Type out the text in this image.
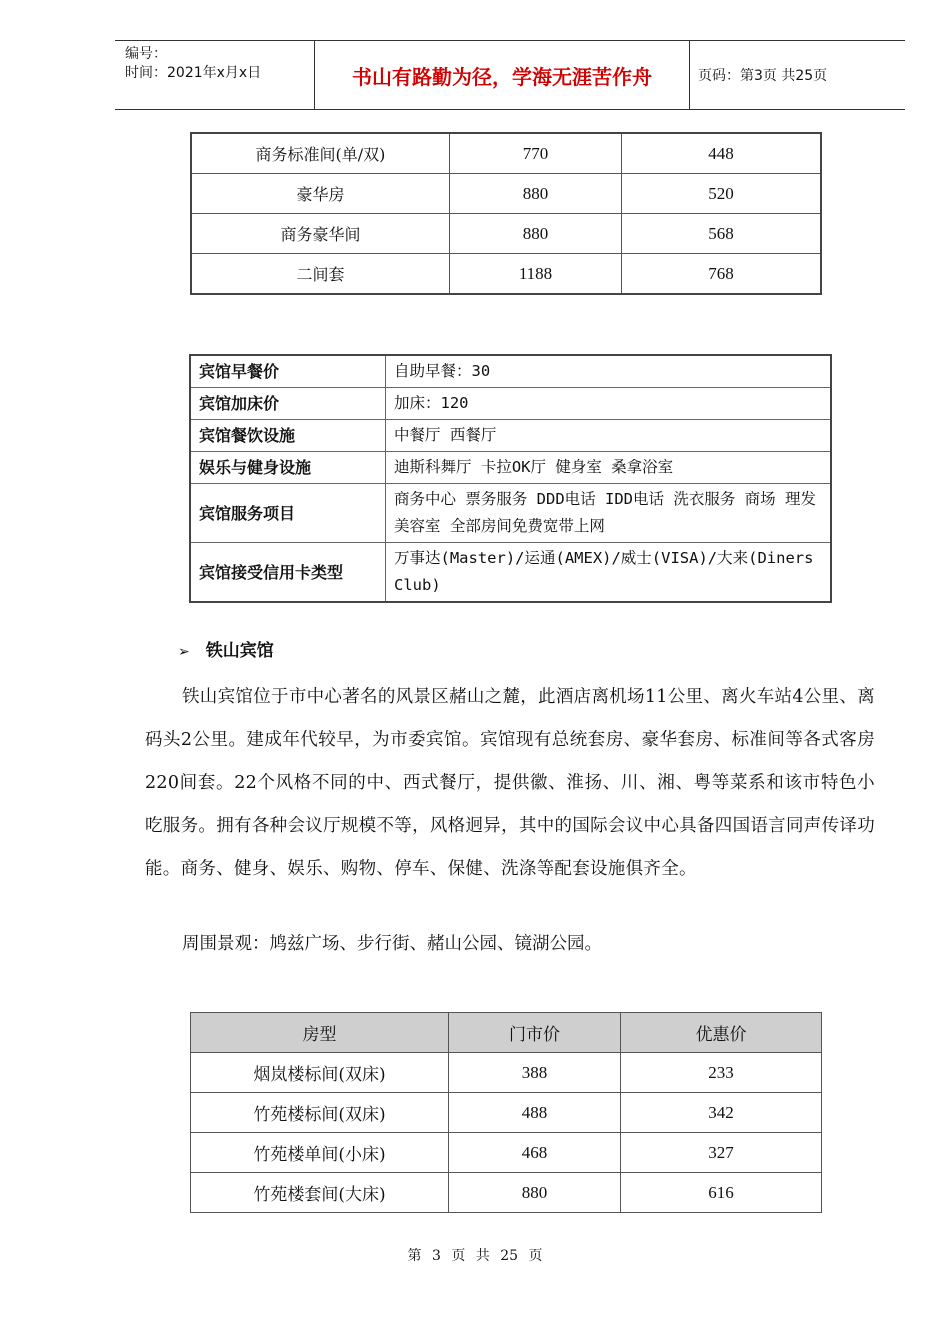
编号：
时间：2021年x月x日	书山有路勤为径，学海无涯苦作舟	页码：第3页 共25页
商务标准间(单/双)	770	448
豪华房	880	520
商务豪华间	880	568
二间套	1188	768
宾馆早餐价	自助早餐：30
宾馆加床价	加床：120
宾馆餐饮设施	中餐厅 西餐厅
娱乐与健身设施	迪斯科舞厅 卡拉OK厅 健身室 桑拿浴室
宾馆服务项目	商务中心 票务服务 DDD电话 IDD电话 洗衣服务 商场 理发美容室 全部房间免费宽带上网
宾馆接受信用卡类型	万事达(Master)/运通(AMEX)/威士(VISA)/大来(Diners Club)
➢ 铁山宾馆

铁山宾馆位于市中心著名的风景区赭山之麓，此酒店离机场11公里、离火车站4公里、离码头2公里。建成年代较早，为市委宾馆。宾馆现有总统套房、豪华套房、标准间等各式客房220间套。22个风格不同的中、西式餐厅，提供徽、淮扬、川、湘、粤等菜系和该市特色小吃服务。拥有各种会议厅规模不等，风格迥异，其中的国际会议中心具备四国语言同声传译功能。商务、健身、娱乐、购物、停车、保健、洗涤等配套设施俱齐全。

周围景观：鸠兹广场、步行街、赭山公园、镜湖公园。

房型	门市价	优惠价
烟岚楼标间(双床)	388	233
竹苑楼标间(双床)	488	342
竹苑楼单间(小床)	468	327
竹苑楼套间(大床)	880	616
第 3 页 共 25 页
